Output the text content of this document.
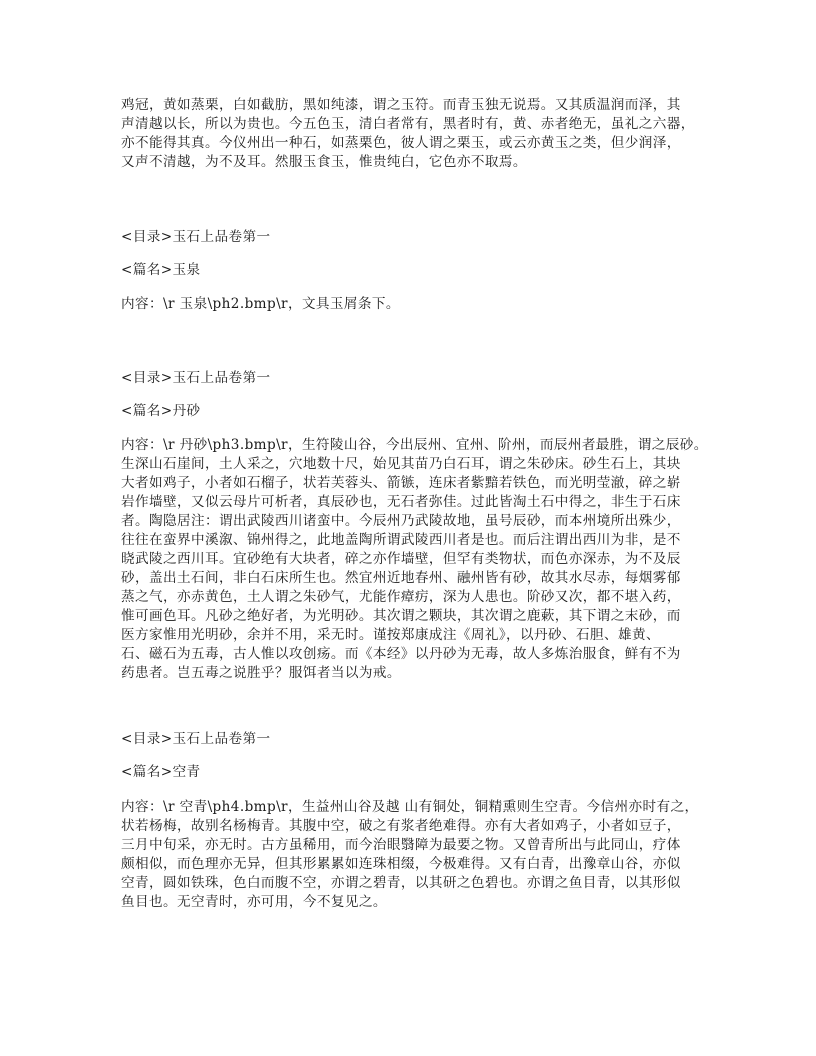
鸡冠，黄如蒸栗，白如截肪，黑如纯漆，谓之玉符。而青玉独无说焉。又其质温润而泽，其
声清越以长，所以为贵也。今五色玉，清白者常有，黑者时有，黄、赤者绝无，虽礼之六器，
亦不能得其真。今仪州出一种石，如蒸栗色，彼人谓之栗玉，或云亦黄玉之类，但少润泽，
又声不清越，为不及耳。然服玉食玉，惟贵纯白，它色亦不取焉。
<目录>玉石上品卷第一
<篇名>玉泉
内容：\r 玉泉\ph2.bmp\r，文具玉屑条下。
<目录>玉石上品卷第一
<篇名>丹砂
内容：\r 丹砂\ph3.bmp\r，生符陵山谷，今出辰州、宜州、阶州，而辰州者最胜，谓之辰砂。
生深山石崖间，土人采之，穴地数十尺，始见其苗乃白石耳，谓之朱砂床。砂生石上，其块
大者如鸡子，小者如石榴子，状若芙蓉头、箭镞，连床者紫黯若铁色，而光明莹澈，碎之崭
岩作墙壁，又似云母片可析者，真辰砂也，无石者弥佳。过此皆淘土石中得之，非生于石床
者。陶隐居注：谓出武陵西川诸蛮中。今辰州乃武陵故地，虽号辰砂，而本州境所出殊少，
往往在蛮界中溪溆、锦州得之，此地盖陶所谓武陵西川者是也。而后注谓出西川为非，是不
晓武陵之西川耳。宜砂绝有大块者，碎之亦作墙壁，但罕有类物状，而色亦深赤，为不及辰
砂，盖出土石间，非白石床所生也。然宜州近地春州、融州皆有砂，故其水尽赤，每烟雾郁
蒸之气，亦赤黄色，土人谓之朱砂气，尤能作瘴疠，深为人患也。阶砂又次，都不堪入药，
惟可画色耳。凡砂之绝好者，为光明砂。其次谓之颗块，其次谓之鹿蔌，其下谓之末砂，而
医方家惟用光明砂，余并不用，采无时。谨按郑康成注《周礼》，以丹砂、石胆、雄黄、
石、磁石为五毒，古人惟以攻创疡。而《本经》以丹砂为无毒，故人多炼治服食，鲜有不为
药患者。岂五毒之说胜乎？服饵者当以为戒。
<目录>玉石上品卷第一
<篇名>空青
内容：\r 空青\ph4.bmp\r，生益州山谷及越 山有铜处，铜精熏则生空青。今信州亦时有之，
状若杨梅，故别名杨梅青。其腹中空，破之有浆者绝难得。亦有大者如鸡子，小者如豆子，
三月中旬采，亦无时。古方虽稀用，而今治眼翳障为最要之物。又曾青所出与此同山，疗体
颇相似，而色理亦无异，但其形累累如连珠相缀，今极难得。又有白青，出豫章山谷，亦似
空青，圆如铁珠，色白而腹不空，亦谓之碧青，以其研之色碧也。亦谓之鱼目青，以其形似
鱼目也。无空青时，亦可用，今不复见之。
